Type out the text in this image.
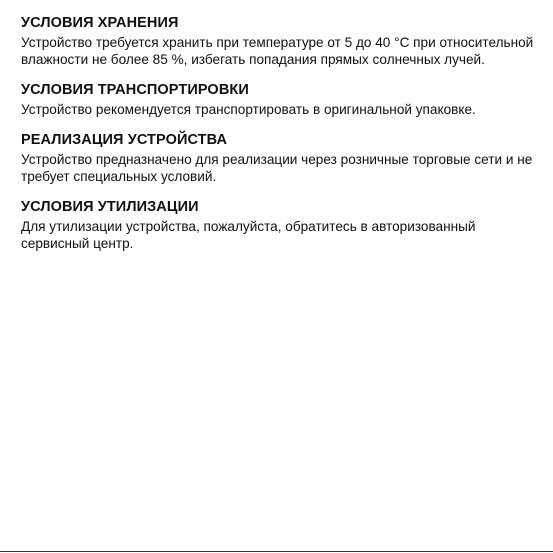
УСЛОВИЯ ХРАНЕНИЯ

Устройство требуется хранить при температуре от 5 до 40 °C при относительной влажности не более 85 %, избегать попадания прямых солнечных лучей.

УСЛОВИЯ ТРАНСПОРТИРОВКИ

Устройство рекомендуется транспортировать в оригинальной упаковке.

РЕАЛИЗАЦИЯ УСТРОЙСТВА

Устройство предназначено для реализации через розничные торговые сети и не требует специальных условий.

УСЛОВИЯ УТИЛИЗАЦИИ

Для утилизации устройства, пожалуйста, обратитесь в авторизованный сервисный центр.
